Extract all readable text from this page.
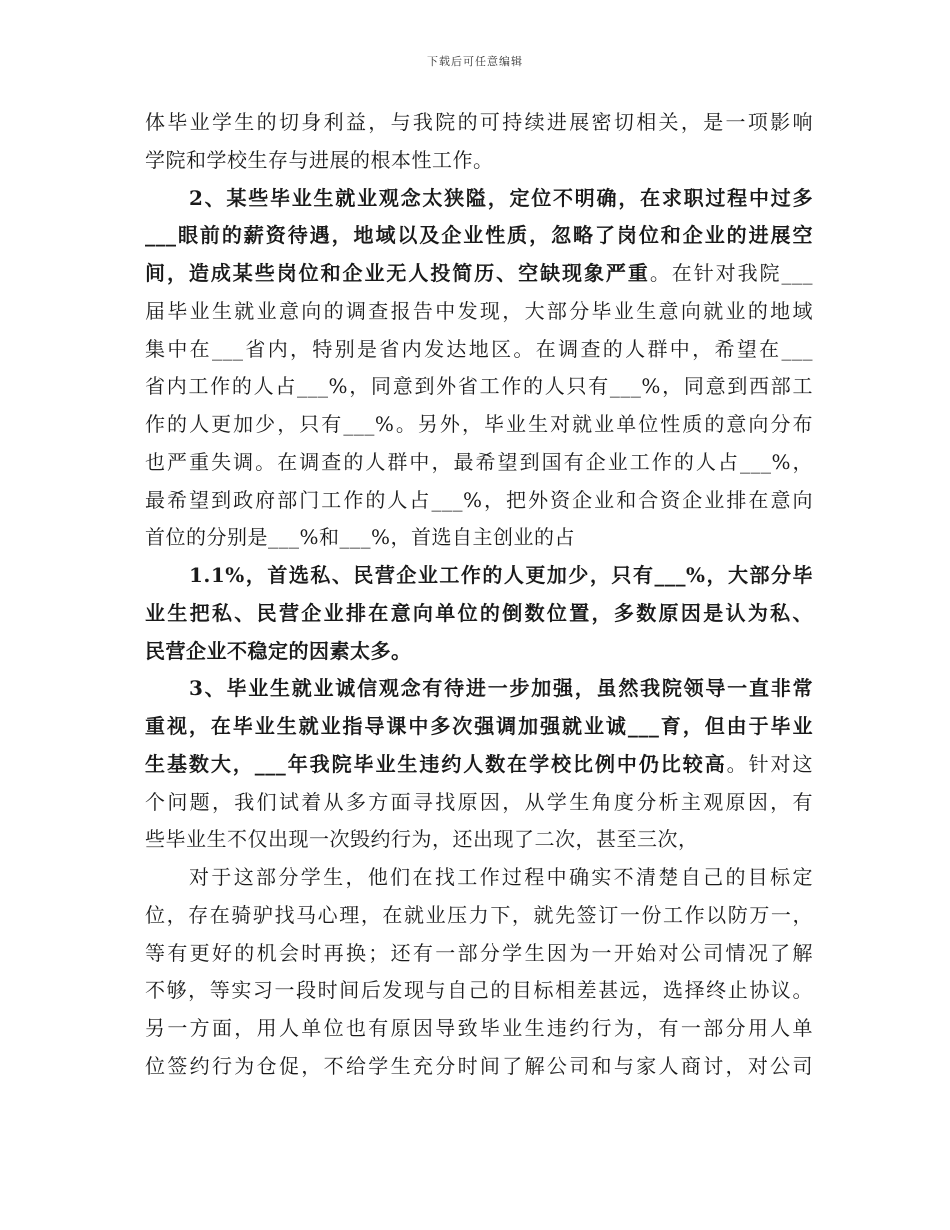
下载后可任意编辑
体毕业学生的切身利益，与我院的可持续进展密切相关，是一项影响
学院和学校生存与进展的根本性工作。
2、某些毕业生就业观念太狭隘，定位不明确，在求职过程中过多
___眼前的薪资待遇，地域以及企业性质，忽略了岗位和企业的进展空
间，造成某些岗位和企业无人投简历、空缺现象严重。在针对我院___
届毕业生就业意向的调查报告中发现，大部分毕业生意向就业的地域
集中在___省内，特别是省内发达地区。在调查的人群中，希望在___
省内工作的人占___%，同意到外省工作的人只有___%，同意到西部工
作的人更加少，只有___%。另外，毕业生对就业单位性质的意向分布
也严重失调。在调查的人群中，最希望到国有企业工作的人占___%，
最希望到政府部门工作的人占___%，把外资企业和合资企业排在意向
首位的分别是___%和___%，首选自主创业的占
1.1%，首选私、民营企业工作的人更加少，只有___%，大部分毕
业生把私、民营企业排在意向单位的倒数位置，多数原因是认为私、
民营企业不稳定的因素太多。
3、毕业生就业诚信观念有待进一步加强，虽然我院领导一直非常
重视，在毕业生就业指导课中多次强调加强就业诚___育，但由于毕业
生基数大，___年我院毕业生违约人数在学校比例中仍比较高。针对这
个问题，我们试着从多方面寻找原因，从学生角度分析主观原因，有
些毕业生不仅出现一次毁约行为，还出现了二次，甚至三次，
对于这部分学生，他们在找工作过程中确实不清楚自己的目标定
位，存在骑驴找马心理，在就业压力下，就先签订一份工作以防万一，
等有更好的机会时再换；还有一部分学生因为一开始对公司情况了解
不够，等实习一段时间后发现与自己的目标相差甚远，选择终止协议。
另一方面，用人单位也有原因导致毕业生违约行为，有一部分用人单
位签约行为仓促，不给学生充分时间了解公司和与家人商讨，对公司
